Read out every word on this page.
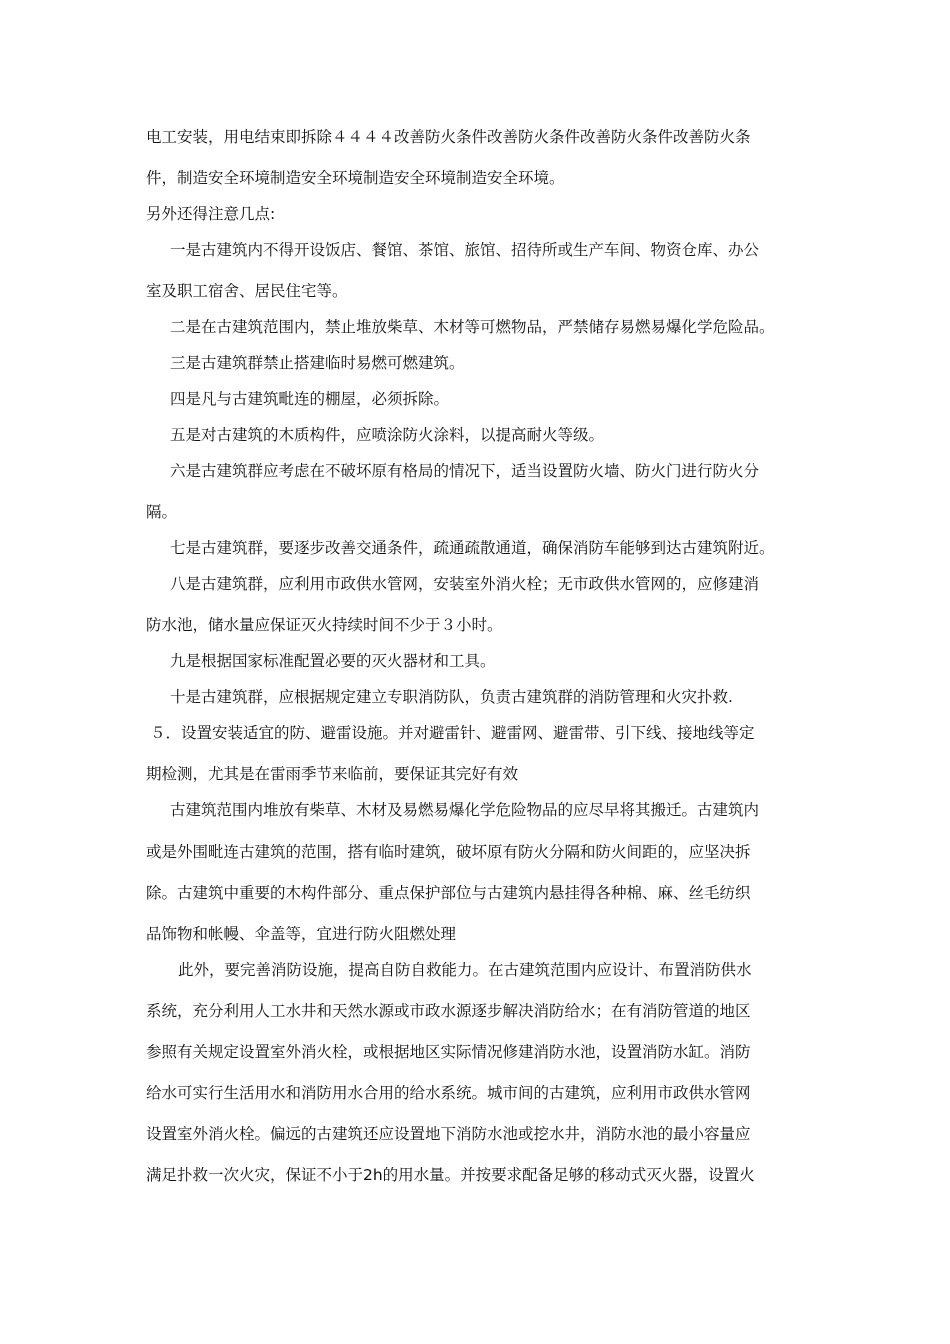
电工安装，用电结束即拆除４４４４改善防火条件改善防火条件改善防火条件改善防火条
件，制造安全环境制造安全环境制造安全环境制造安全环境。
另外还得注意几点:
一是古建筑内不得开设饭店、餐馆、茶馆、旅馆、招待所或生产车间、物资仓库、办公
室及职工宿舍、居民住宅等。
二是在古建筑范围内，禁止堆放柴草、木材等可燃物品，严禁储存易燃易爆化学危险品。
三是古建筑群禁止搭建临时易燃可燃建筑。
四是凡与古建筑毗连的棚屋，必须拆除。
五是对古建筑的木质构件，应喷涂防火涂料，以提高耐火等级。
六是古建筑群应考虑在不破坏原有格局的情况下，适当设置防火墙、防火门进行防火分
隔。
七是古建筑群，要逐步改善交通条件，疏通疏散通道，确保消防车能够到达古建筑附近。
八是古建筑群，应利用市政供水管网，安装室外消火栓；无市政供水管网的，应修建消
防水池，储水量应保证灭火持续时间不少于３小时。
九是根据国家标准配置必要的灭火器材和工具。
十是古建筑群，应根据规定建立专职消防队，负责古建筑群的消防管理和火灾扑救.
５．设置安装适宜的防、避雷设施。并对避雷针、避雷网、避雷带、引下线、接地线等定
期检测，尤其是在雷雨季节来临前，要保证其完好有效
古建筑范围内堆放有柴草、木材及易燃易爆化学危险物品的应尽早将其搬迁。古建筑内
或是外围毗连古建筑的范围，搭有临时建筑，破坏原有防火分隔和防火间距的，应坚决拆
除。古建筑中重要的木构件部分、重点保护部位与古建筑内悬挂得各种棉、麻、丝毛纺织
品饰物和帐幔、伞盖等，宜进行防火阻燃处理
此外，要完善消防设施，提高自防自救能力。在古建筑范围内应设计、布置消防供水
系统，充分利用人工水井和天然水源或市政水源逐步解决消防给水；在有消防管道的地区
参照有关规定设置室外消火栓，或根据地区实际情况修建消防水池，设置消防水缸。消防
给水可实行生活用水和消防用水合用的给水系统。城市间的古建筑，应利用市政供水管网
设置室外消火栓。偏远的古建筑还应设置地下消防水池或挖水井，消防水池的最小容量应
满足扑救一次火灾，保证不小于2h的用水量。并按要求配备足够的移动式灭火器，设置火
